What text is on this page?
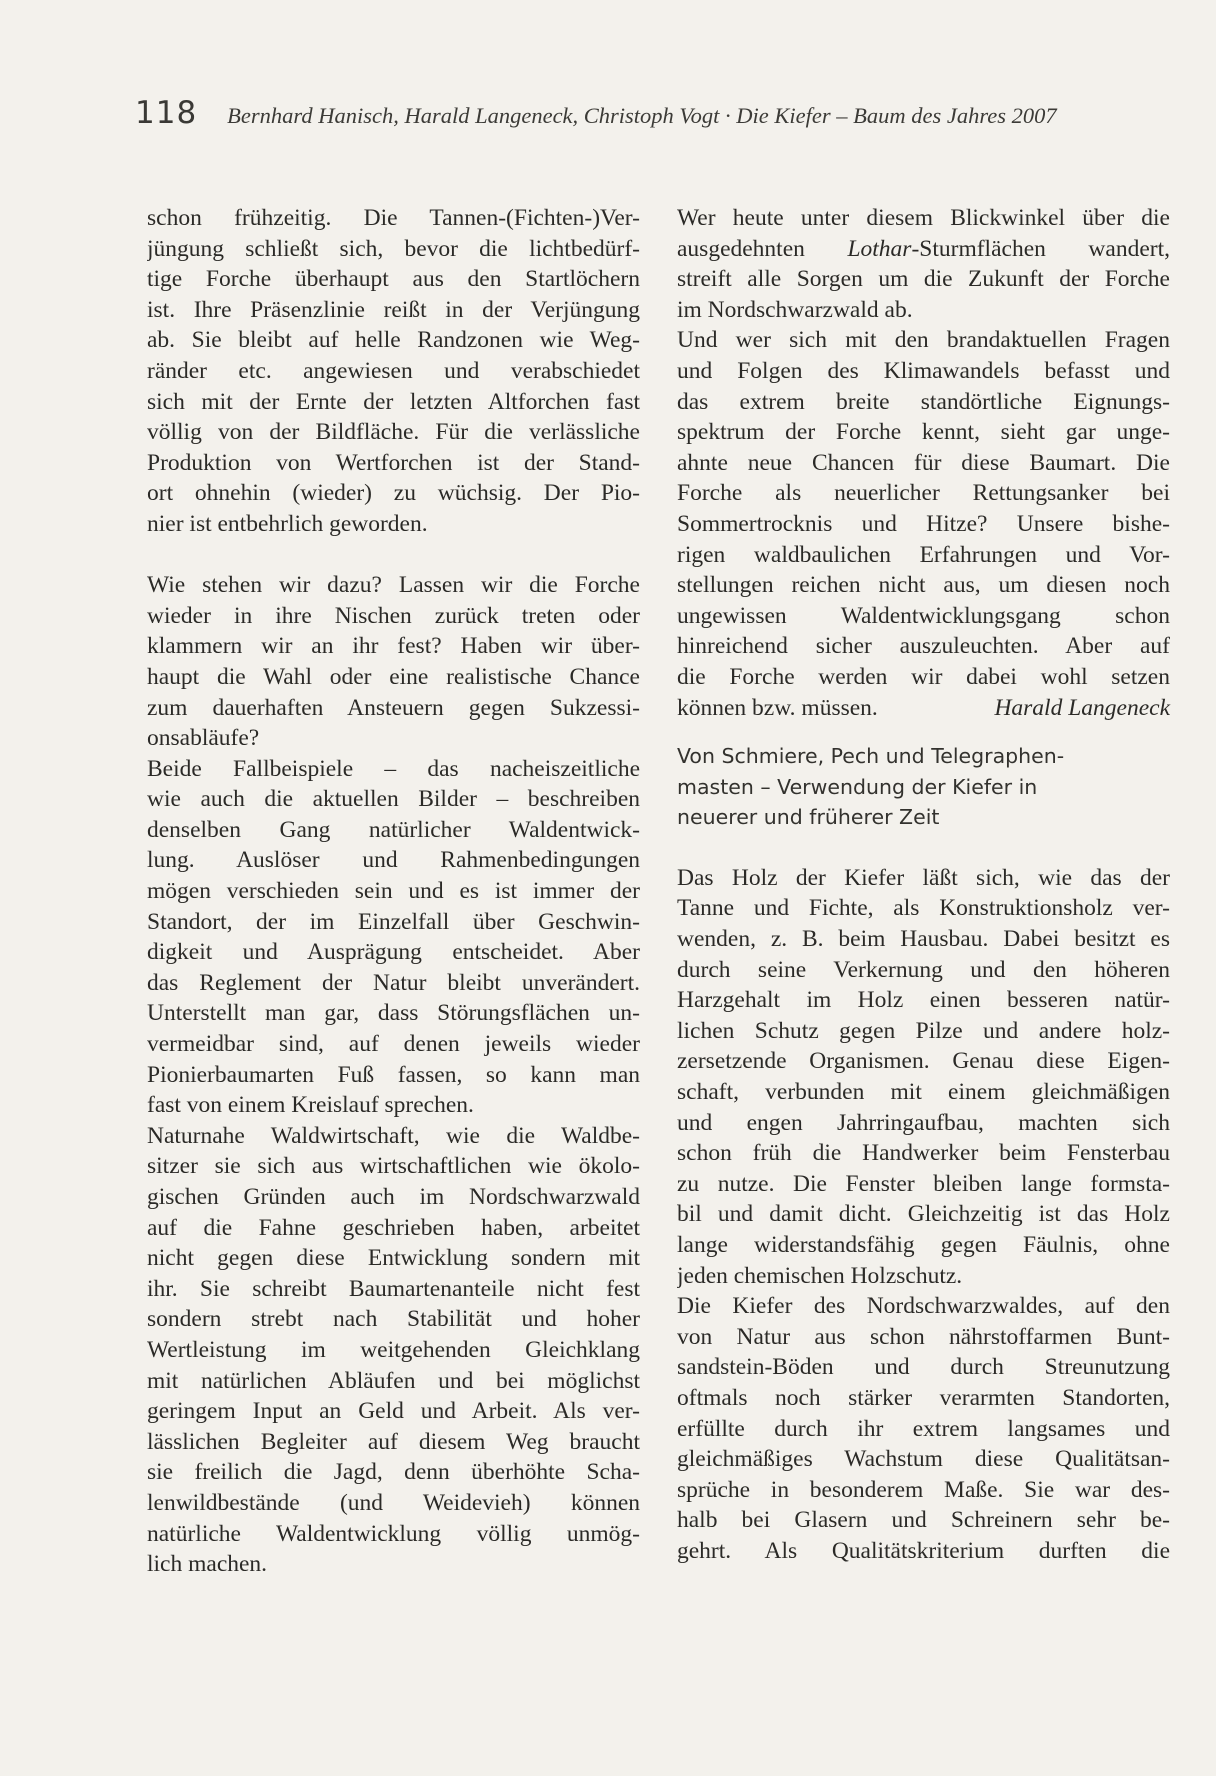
118 Bernhard Hanisch, Harald Langeneck, Christoph Vogt · Die Kiefer – Baum des Jahres 2007
schon frühzeitig. Die Tannen-(Fichten-)Ver-
jüngung schließt sich, bevor die lichtbedürf-
tige Forche überhaupt aus den Startlöchern
ist. Ihre Präsenzlinie reißt in der Verjüngung
ab. Sie bleibt auf helle Randzonen wie Weg-
ränder etc. angewiesen und verabschiedet
sich mit der Ernte der letzten Altforchen fast
völlig von der Bildfläche. Für die verlässliche
Produktion von Wertforchen ist der Stand-
ort ohnehin (wieder) zu wüchsig. Der Pio-
nier ist entbehrlich geworden.
Wie stehen wir dazu? Lassen wir die Forche
wieder in ihre Nischen zurück treten oder
klammern wir an ihr fest? Haben wir über-
haupt die Wahl oder eine realistische Chance
zum dauerhaften Ansteuern gegen Sukzessi-
onsabläufe?
Beide Fallbeispiele – das nacheiszeitliche
wie auch die aktuellen Bilder – beschreiben
denselben Gang natürlicher Waldentwick-
lung. Auslöser und Rahmenbedingungen
mögen verschieden sein und es ist immer der
Standort, der im Einzelfall über Geschwin-
digkeit und Ausprägung entscheidet. Aber
das Reglement der Natur bleibt unverändert.
Unterstellt man gar, dass Störungsflächen un-
vermeidbar sind, auf denen jeweils wieder
Pionierbaumarten Fuß fassen, so kann man
fast von einem Kreislauf sprechen.
Naturnahe Waldwirtschaft, wie die Waldbe-
sitzer sie sich aus wirtschaftlichen wie ökolo-
gischen Gründen auch im Nordschwarzwald
auf die Fahne geschrieben haben, arbeitet
nicht gegen diese Entwicklung sondern mit
ihr. Sie schreibt Baumartenanteile nicht fest
sondern strebt nach Stabilität und hoher
Wertleistung im weitgehenden Gleichklang
mit natürlichen Abläufen und bei möglichst
geringem Input an Geld und Arbeit. Als ver-
lässlichen Begleiter auf diesem Weg braucht
sie freilich die Jagd, denn überhöhte Scha-
lenwildbestände (und Weidevieh) können
natürliche Waldentwicklung völlig unmög-
lich machen.
Wer heute unter diesem Blickwinkel über die
ausgedehnten Lothar-Sturmflächen wandert,
streift alle Sorgen um die Zukunft der Forche
im Nordschwarzwald ab.
Und wer sich mit den brandaktuellen Fragen
und Folgen des Klimawandels befasst und
das extrem breite standörtliche Eignungs-
spektrum der Forche kennt, sieht gar unge-
ahnte neue Chancen für diese Baumart. Die
Forche als neuerlicher Rettungsanker bei
Sommertrocknis und Hitze? Unsere bishe-
rigen waldbaulichen Erfahrungen und Vor-
stellungen reichen nicht aus, um diesen noch
ungewissen Waldentwicklungsgang schon
hinreichend sicher auszuleuchten. Aber auf
die Forche werden wir dabei wohl setzen
können bzw. müssen.	Harald Langeneck
Von Schmiere, Pech und Telegraphen-
masten – Verwendung der Kiefer in
neuerer und früherer Zeit
Das Holz der Kiefer läßt sich, wie das der
Tanne und Fichte, als Konstruktionsholz ver-
wenden, z. B. beim Hausbau. Dabei besitzt es
durch seine Verkernung und den höheren
Harzgehalt im Holz einen besseren natür-
lichen Schutz gegen Pilze und andere holz-
zersetzende Organismen. Genau diese Eigen-
schaft, verbunden mit einem gleichmäßigen
und engen Jahrringaufbau, machten sich
schon früh die Handwerker beim Fensterbau
zu nutze. Die Fenster bleiben lange formsta-
bil und damit dicht. Gleichzeitig ist das Holz
lange widerstandsfähig gegen Fäulnis, ohne
jeden chemischen Holzschutz.
Die Kiefer des Nordschwarzwaldes, auf den
von Natur aus schon nährstoffarmen Bunt-
sandstein-Böden und durch Streunutzung
oftmals noch stärker verarmten Standorten,
erfüllte durch ihr extrem langsames und
gleichmäßiges Wachstum diese Qualitätsan-
sprüche in besonderem Maße. Sie war des-
halb bei Glasern und Schreinern sehr be-
gehrt. Als Qualitätskriterium durften die
